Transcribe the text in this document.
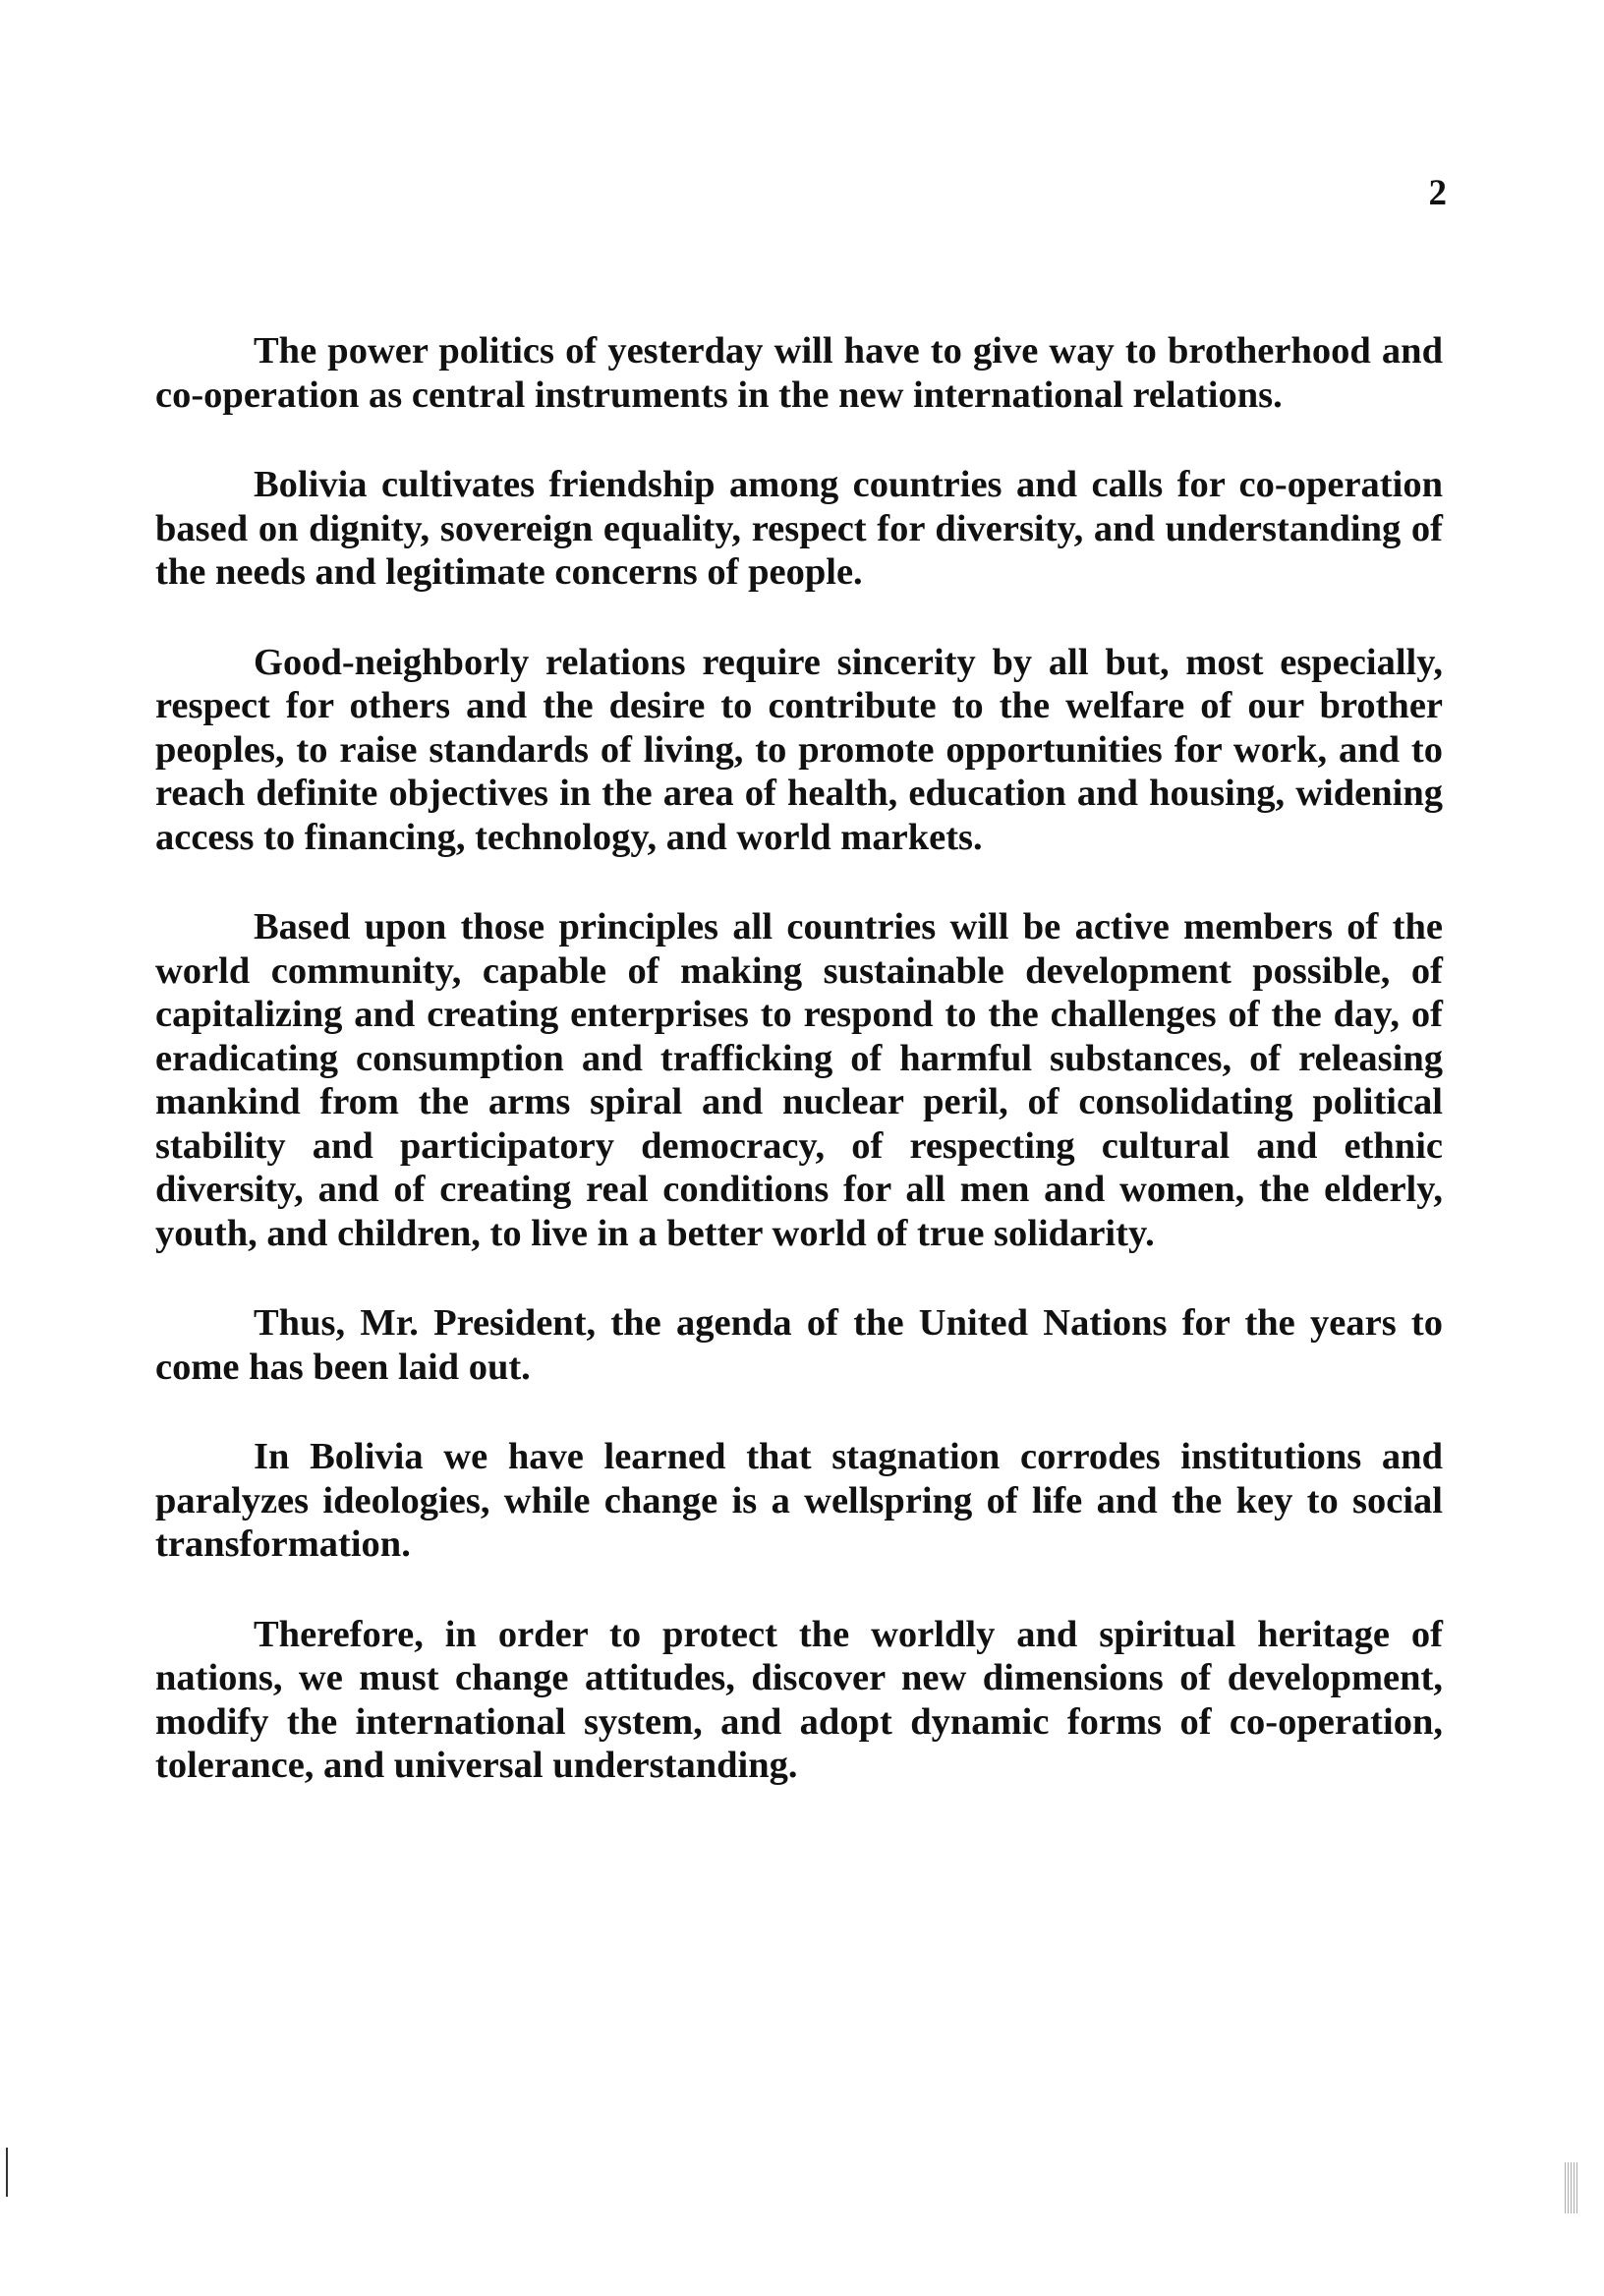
2

The power politics of yesterday will have to give way to brotherhood and co-operation as central instruments in the new international relations.

Bolivia cultivates friendship among countries and calls for co-operation based on dignity, sovereign equality, respect for diversity, and understanding of the needs and legitimate concerns of people.

Good-neighborly relations require sincerity by all but, most especially, respect for others and the desire to contribute to the welfare of our brother peoples, to raise standards of living, to promote opportunities for work, and to reach definite objectives in the area of health, education and housing, widening access to financing, technology, and world markets.

Based upon those principles all countries will be active members of the world community, capable of making sustainable development possible, of capitalizing and creating enterprises to respond to the challenges of the day, of eradicating consumption and trafficking of harmful substances, of releasing mankind from the arms spiral and nuclear peril, of consolidating political stability and participatory democracy, of respecting cultural and ethnic diversity, and of creating real conditions for all men and women, the elderly, youth, and children, to live in a better world of true solidarity.

Thus, Mr. President, the agenda of the United Nations for the years to come has been laid out.

In Bolivia we have learned that stagnation corrodes institutions and paralyzes ideologies, while change is a wellspring of life and the key to social transformation.

Therefore, in order to protect the worldly and spiritual heritage of nations, we must change attitudes, discover new dimensions of development, modify the international system, and adopt dynamic forms of co-operation, tolerance, and universal understanding.
